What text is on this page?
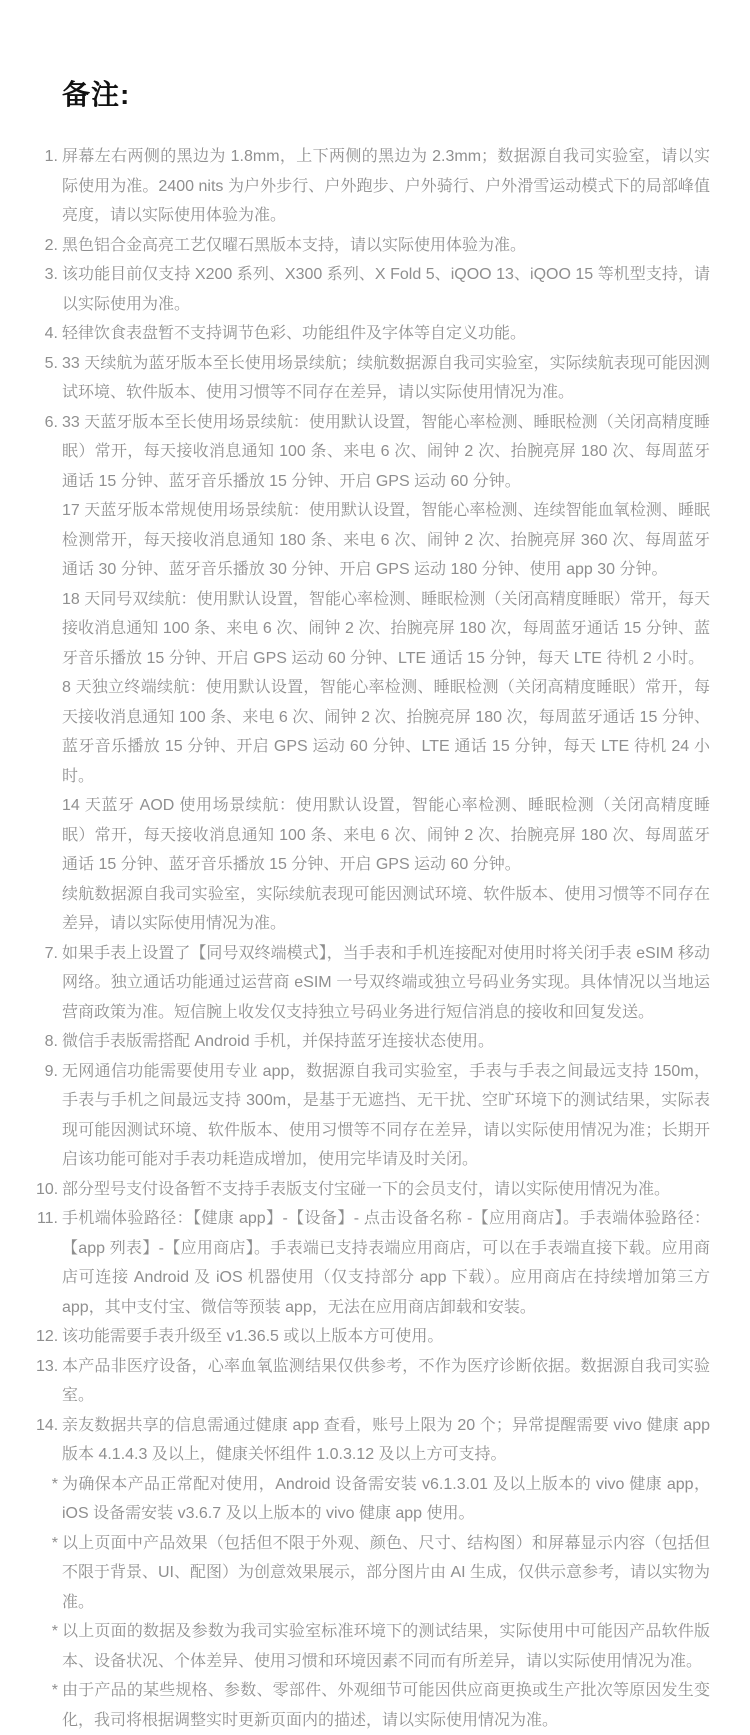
备注:
1. 屏幕左右两侧的黑边为 1.8mm，上下两侧的黑边为 2.3mm；数据源自我司实验室，请以实际使用为准。2400 nits 为户外步行、户外跑步、户外骑行、户外滑雪运动模式下的局部峰值亮度，请以实际使用体验为准。

2. 黑色铝合金高亮工艺仅曜石黑版本支持，请以实际使用体验为准。

3. 该功能目前仅支持 X200 系列、X300 系列、X Fold 5、iQOO 13、iQOO 15 等机型支持，请以实际使用为准。

4. 轻律饮食表盘暂不支持调节色彩、功能组件及字体等自定义功能。

5. 33 天续航为蓝牙版本至长使用场景续航；续航数据源自我司实验室，实际续航表现可能因测试环境、软件版本、使用习惯等不同存在差异，请以实际使用情况为准。

6. 33 天蓝牙版本至长使用场景续航：使用默认设置，智能心率检测、睡眠检测（关闭高精度睡眠）常开，每天接收消息通知 100 条、来电 6 次、闹钟 2 次、抬腕亮屏 180 次、每周蓝牙通话 15 分钟、蓝牙音乐播放 15 分钟、开启 GPS 运动 60 分钟。

17 天蓝牙版本常规使用场景续航：使用默认设置，智能心率检测、连续智能血氧检测、睡眠检测常开，每天接收消息通知 180 条、来电 6 次、闹钟 2 次、抬腕亮屏 360 次、每周蓝牙通话 30 分钟、蓝牙音乐播放 30 分钟、开启 GPS 运动 180 分钟、使用 app 30 分钟。

18 天同号双续航：使用默认设置，智能心率检测、睡眠检测（关闭高精度睡眠）常开，每天接收消息通知 100 条、来电 6 次、闹钟 2 次、抬腕亮屏 180 次，每周蓝牙通话 15 分钟、蓝牙音乐播放 15 分钟、开启 GPS 运动 60 分钟、LTE 通话 15 分钟，每天 LTE 待机 2 小时。

8 天独立终端续航：使用默认设置，智能心率检测、睡眠检测（关闭高精度睡眠）常开，每天接收消息通知 100 条、来电 6 次、闹钟 2 次、抬腕亮屏 180 次，每周蓝牙通话 15 分钟、蓝牙音乐播放 15 分钟、开启 GPS 运动 60 分钟、LTE 通话 15 分钟，每天 LTE 待机 24 小时。

14 天蓝牙 AOD 使用场景续航：使用默认设置，智能心率检测、睡眠检测（关闭高精度睡眠）常开，每天接收消息通知 100 条、来电 6 次、闹钟 2 次、抬腕亮屏 180 次、每周蓝牙通话 15 分钟、蓝牙音乐播放 15 分钟、开启 GPS 运动 60 分钟。

续航数据源自我司实验室，实际续航表现可能因测试环境、软件版本、使用习惯等不同存在差异，请以实际使用情况为准。

7. 如果手表上设置了【同号双终端模式】，当手表和手机连接配对使用时将关闭手表 eSIM 移动网络。独立通话功能通过运营商 eSIM 一号双终端或独立号码业务实现。具体情况以当地运营商政策为准。短信腕上收发仅支持独立号码业务进行短信消息的接收和回复发送。

8. 微信手表版需搭配 Android 手机，并保持蓝牙连接状态使用。

9. 无网通信功能需要使用专业 app，数据源自我司实验室，手表与手表之间最远支持 150m，手表与手机之间最远支持 300m，是基于无遮挡、无干扰、空旷环境下的测试结果，实际表现可能因测试环境、软件版本、使用习惯等不同存在差异，请以实际使用情况为准；长期开启该功能可能对手表功耗造成增加，使用完毕请及时关闭。

10. 部分型号支付设备暂不支持手表版支付宝碰一下的会员支付，请以实际使用情况为准。

11. 手机端体验路径：【健康 app】-【设备】- 点击设备名称 -【应用商店】。手表端体验路径：【app 列表】-【应用商店】。手表端已支持表端应用商店，可以在手表端直接下载。应用商店可连接 Android 及 iOS 机器使用（仅支持部分 app 下载）。应用商店在持续增加第三方 app，其中支付宝、微信等预装 app，无法在应用商店卸载和安装。

12. 该功能需要手表升级至 v1.36.5 或以上版本方可使用。

13. 本产品非医疗设备，心率血氧监测结果仅供参考，不作为医疗诊断依据。数据源自我司实验室。

14. 亲友数据共享的信息需通过健康 app 查看，账号上限为 20 个；异常提醒需要 vivo 健康 app 版本 4.1.4.3 及以上，健康关怀组件 1.0.3.12 及以上方可支持。

* 为确保本产品正常配对使用，Android 设备需安装 v6.1.3.01 及以上版本的 vivo 健康 app，iOS 设备需安装 v3.6.7 及以上版本的 vivo 健康 app 使用。

* 以上页面中产品效果（包括但不限于外观、颜色、尺寸、结构图）和屏幕显示内容（包括但不限于背景、UI、配图）为创意效果展示，部分图片由 AI 生成，仅供示意参考，请以实物为准。

* 以上页面的数据及参数为我司实验室标准环境下的测试结果，实际使用中可能因产品软件版本、设备状况、个体差异、使用习惯和环境因素不同而有所差异，请以实际使用情况为准。

* 由于产品的某些规格、参数、零部件、外观细节可能因供应商更换或生产批次等原因发生变化，我司将根据调整实时更新页面内的描述，请以实际使用情况为准。
